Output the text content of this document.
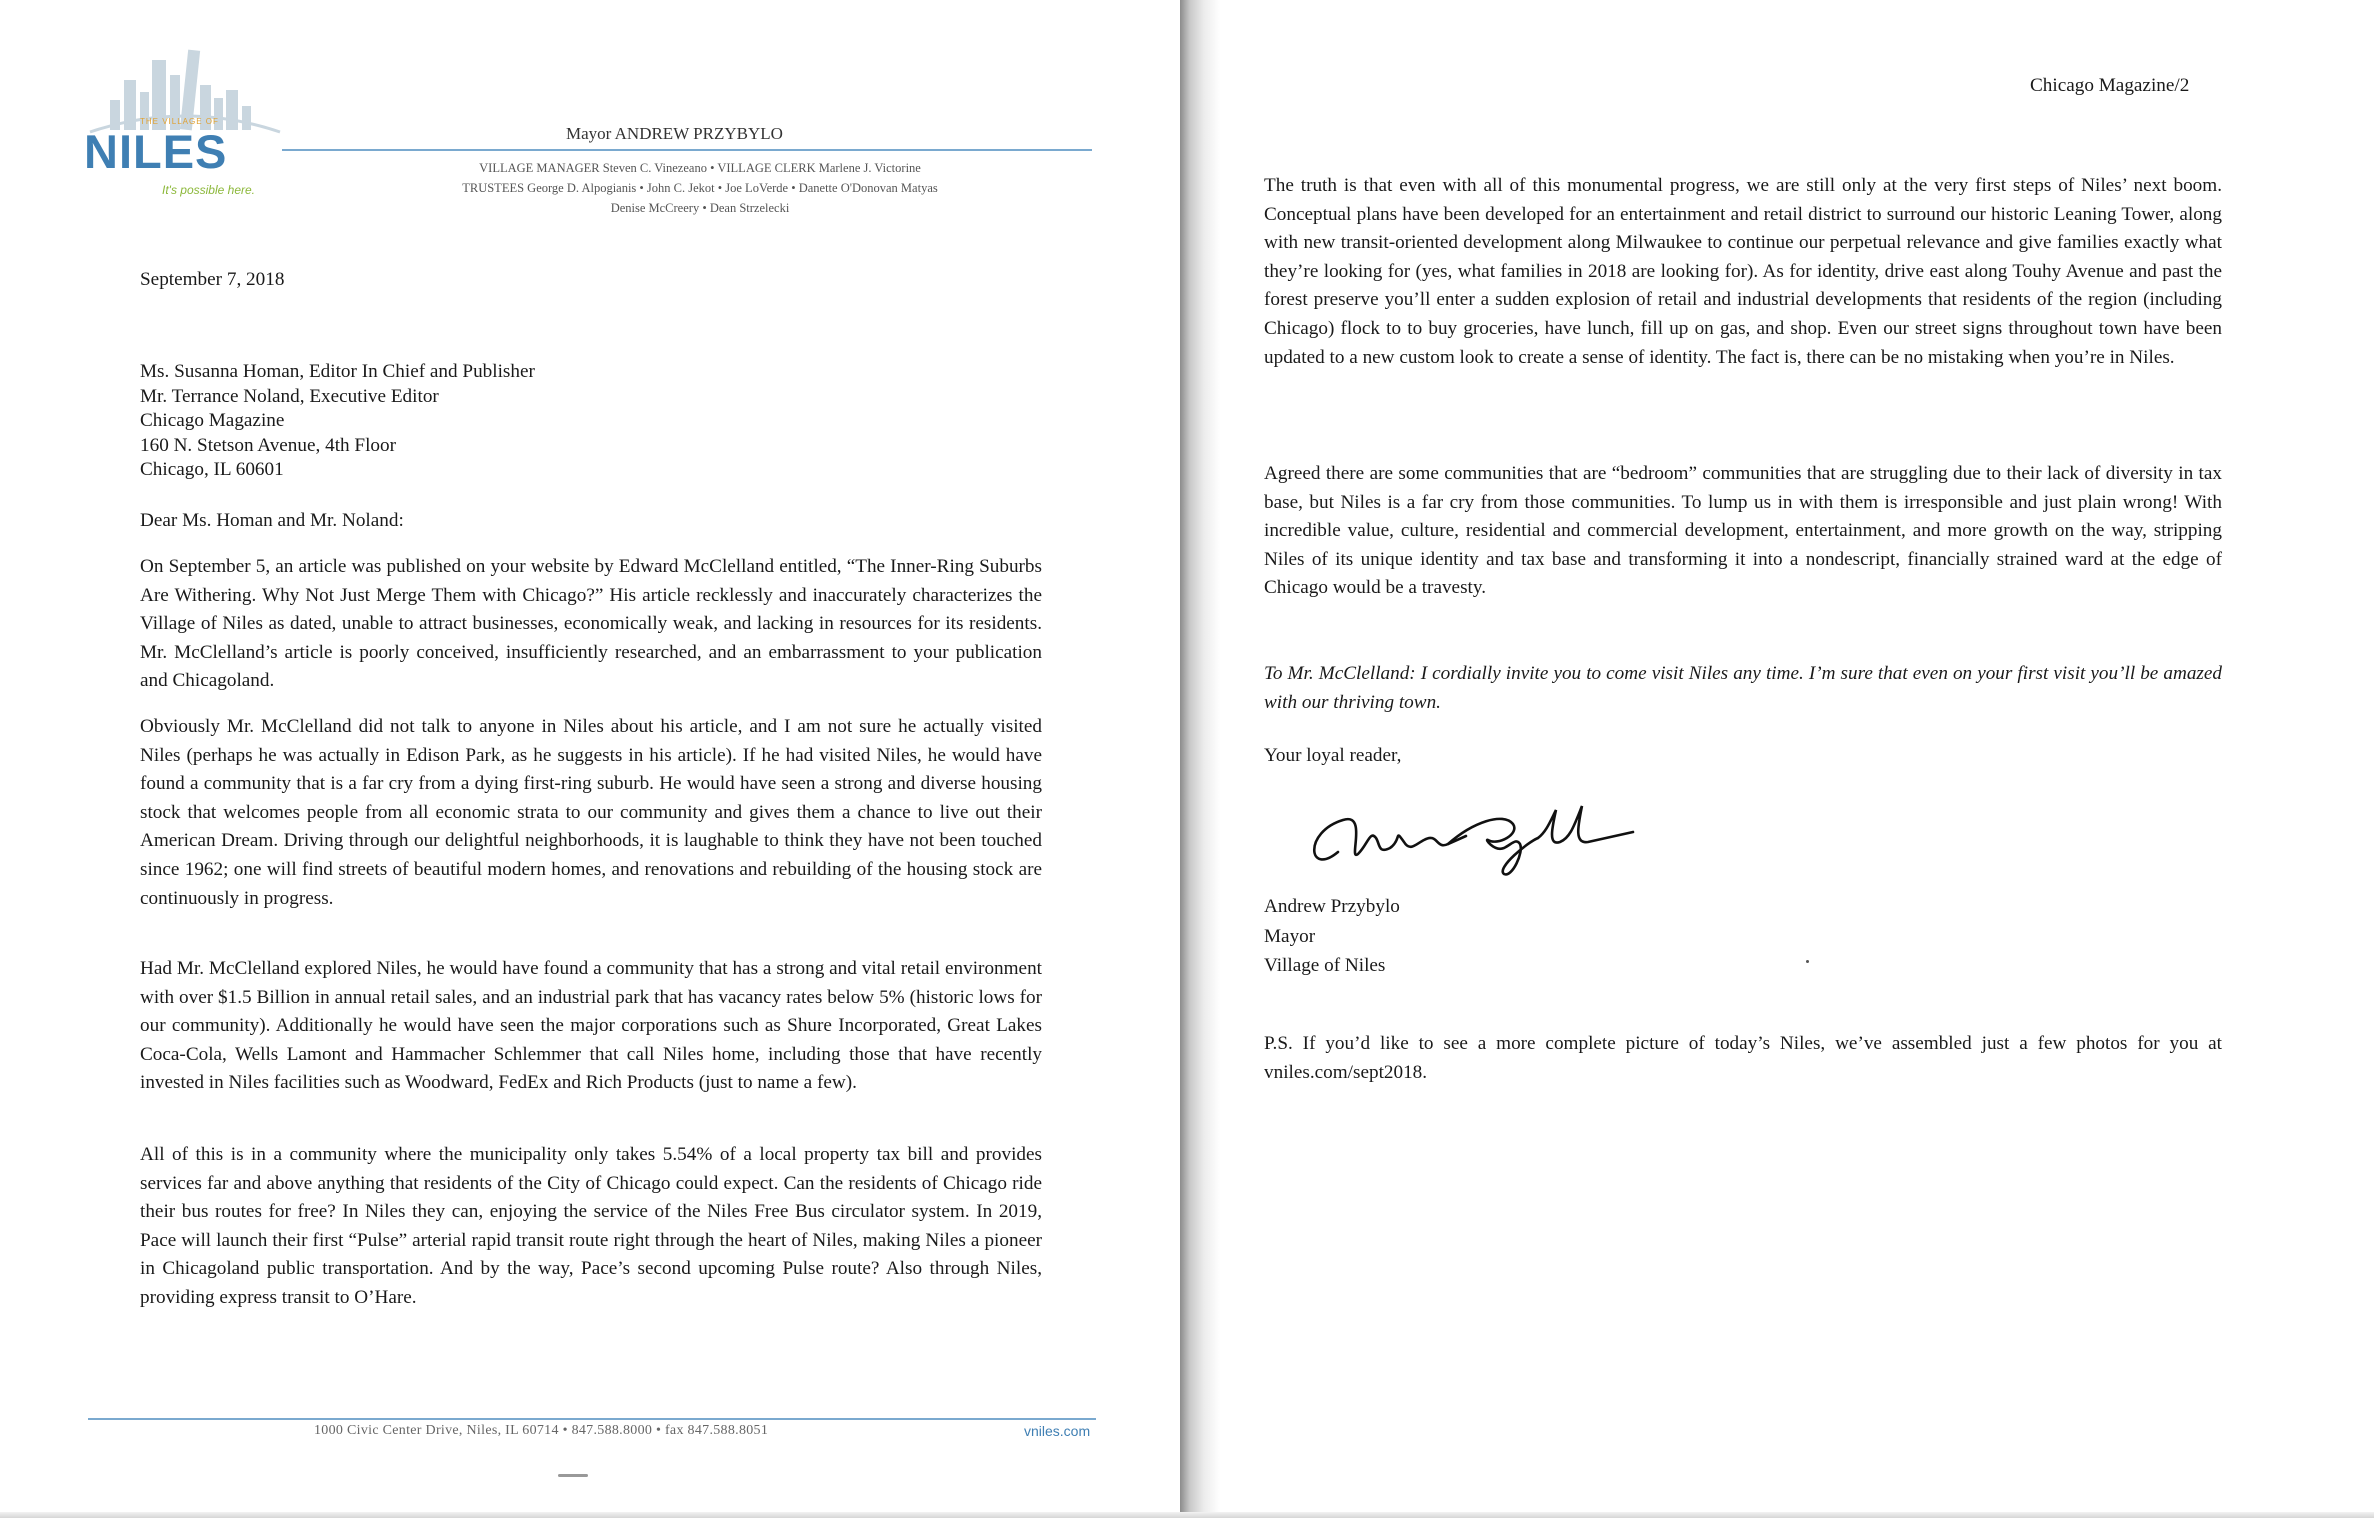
THE VILLAGE OF
NILES
It's possible here.
Mayor ANDREW PRZYBYLO
VILLAGE MANAGER Steven C. Vinezeano • VILLAGE CLERK Marlene J. Victorine
TRUSTEES George D. Alpogianis • John C. Jekot • Joe LoVerde • Danette O'Donovan Matyas
Denise McCreery • Dean Strzelecki
September 7, 2018
Ms. Susanna Homan, Editor In Chief and Publisher
Mr. Terrance Noland, Executive Editor
Chicago Magazine
160 N. Stetson Avenue, 4th Floor
Chicago, IL 60601
Dear Ms. Homan and Mr. Noland:
On September 5, an article was published on your website by Edward McClelland entitled, “The Inner-Ring Suburbs Are Withering. Why Not Just Merge Them with Chicago?” His article recklessly and inaccurately characterizes the Village of Niles as dated, unable to attract businesses, economically weak, and lacking in resources for its residents. Mr. McClelland’s article is poorly conceived, insufficiently researched, and an embarrassment to your publication and Chicagoland.
Obviously Mr. McClelland did not talk to anyone in Niles about his article, and I am not sure he actually visited Niles (perhaps he was actually in Edison Park, as he suggests in his article). If he had visited Niles, he would have found a community that is a far cry from a dying first-ring suburb. He would have seen a strong and diverse housing stock that welcomes people from all economic strata to our community and gives them a chance to live out their American Dream. Driving through our delightful neighborhoods, it is laughable to think they have not been touched since 1962; one will find streets of beautiful modern homes, and renovations and rebuilding of the housing stock are continuously in progress.
Had Mr. McClelland explored Niles, he would have found a community that has a strong and vital retail environment with over $1.5 Billion in annual retail sales, and an industrial park that has vacancy rates below 5% (historic lows for our community). Additionally he would have seen the major corporations such as Shure Incorporated, Great Lakes Coca-Cola, Wells Lamont and Hammacher Schlemmer that call Niles home, including those that have recently invested in Niles facilities such as Woodward, FedEx and Rich Products (just to name a few).
All of this is in a community where the municipality only takes 5.54% of a local property tax bill and provides services far and above anything that residents of the City of Chicago could expect. Can the residents of Chicago ride their bus routes for free? In Niles they can, enjoying the service of the Niles Free Bus circulator system. In 2019, Pace will launch their first “Pulse” arterial rapid transit route right through the heart of Niles, making Niles a pioneer in Chicagoland public transportation. And by the way, Pace’s second upcoming Pulse route? Also through Niles, providing express transit to O’Hare.
1000 Civic Center Drive, Niles, IL 60714 • 847.588.8000 • fax 847.588.8051	vniles.com
Chicago Magazine/2
The truth is that even with all of this monumental progress, we are still only at the very first steps of Niles’ next boom. Conceptual plans have been developed for an entertainment and retail district to surround our historic Leaning Tower, along with new transit-oriented development along Milwaukee to continue our perpetual relevance and give families exactly what they’re looking for (yes, what families in 2018 are looking for). As for identity, drive east along Touhy Avenue and past the forest preserve you’ll enter a sudden explosion of retail and industrial developments that residents of the region (including Chicago) flock to to buy groceries, have lunch, fill up on gas, and shop. Even our street signs throughout town have been updated to a new custom look to create a sense of identity. The fact is, there can be no mistaking when you’re in Niles.
Agreed there are some communities that are “bedroom” communities that are struggling due to their lack of diversity in tax base, but Niles is a far cry from those communities. To lump us in with them is irresponsible and just plain wrong! With incredible value, culture, residential and commercial development, entertainment, and more growth on the way, stripping Niles of its unique identity and tax base and transforming it into a nondescript, financially strained ward at the edge of Chicago would be a travesty.
To Mr. McClelland: I cordially invite you to come visit Niles any time. I’m sure that even on your first visit you’ll be amazed with our thriving town.
Your loyal reader,
Andrew Przybylo
Mayor
Village of Niles
P.S. If you’d like to see a more complete picture of today’s Niles, we’ve assembled just a few photos for you at vniles.com/sept2018.
